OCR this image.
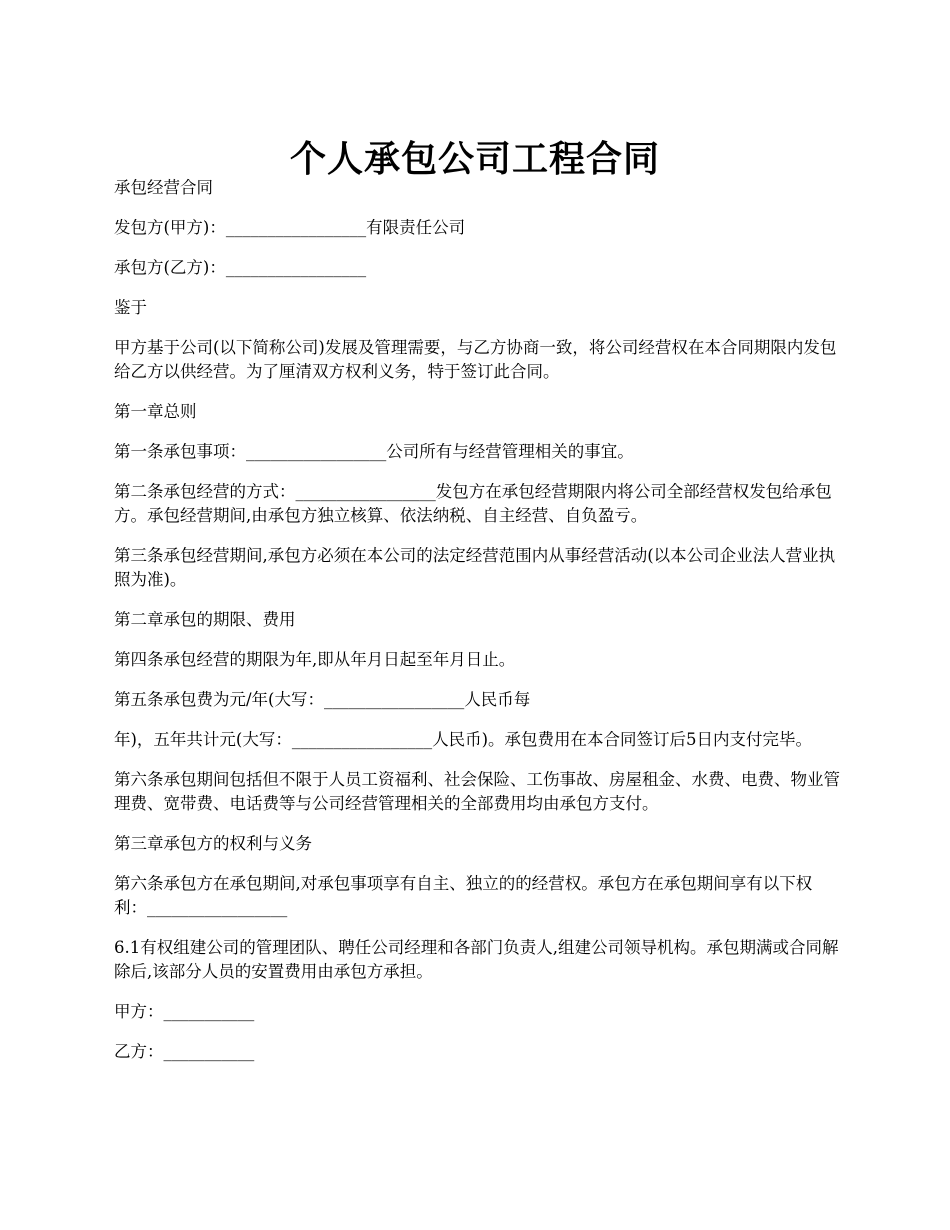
个人承包公司工程合同

承包经营合同

发包方(甲方)：_________________有限责任公司

承包方(乙方)：_________________

鉴于

甲方基于公司(以下简称公司)发展及管理需要，与乙方协商一致，将公司经营权在本合同期限内发包给乙方以供经营。为了厘清双方权利义务，特于签订此合同。

第一章总则

第一条承包事项：_________________公司所有与经营管理相关的事宜。

第二条承包经营的方式：_________________发包方在承包经营期限内将公司全部经营权发包给承包方。承包经营期间,由承包方独立核算、依法纳税、自主经营、自负盈亏。

第三条承包经营期间,承包方必须在本公司的法定经营范围内从事经营活动(以本公司企业法人营业执照为准)。

第二章承包的期限、费用

第四条承包经营的期限为年,即从年月日起至年月日止。

第五条承包费为元/年(大写：_________________人民币每

年)，五年共计元(大写：_________________人民币)。承包费用在本合同签订后5日内支付完毕。

第六条承包期间包括但不限于人员工资福利、社会保险、工伤事故、房屋租金、水费、电费、物业管理费、宽带费、电话费等与公司经营管理相关的全部费用均由承包方支付。

第三章承包方的权利与义务

第六条承包方在承包期间,对承包事项享有自主、独立的的经营权。承包方在承包期间享有以下权利：_________________

6.1有权组建公司的管理团队、聘任公司经理和各部门负责人,组建公司领导机构。承包期满或合同解除后,该部分人员的安置费用由承包方承担。

甲方：___________

乙方：___________
